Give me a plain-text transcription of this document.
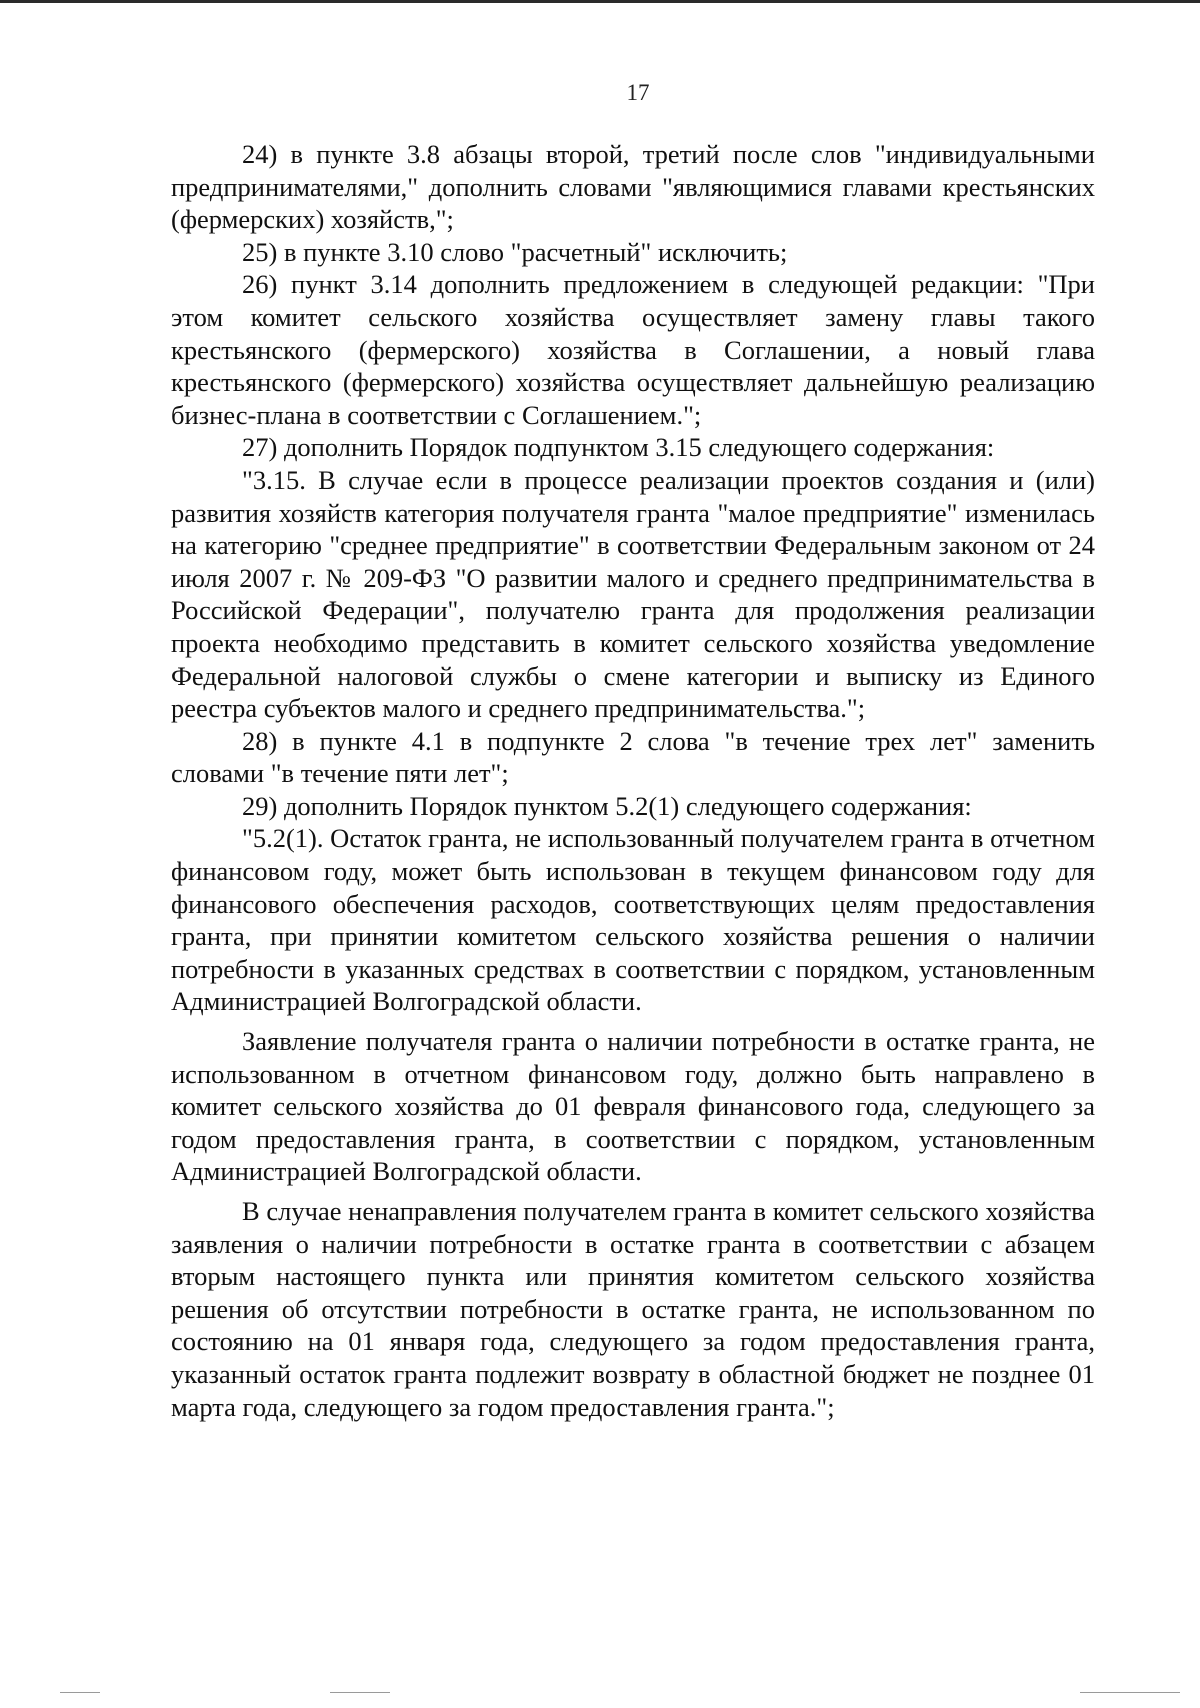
17

24) в пункте 3.8 абзацы второй, третий после слов "индивидуальными предпринимателями," дополнить словами "являющимися главами крестьянских (фермерских) хозяйств,";

25) в пункте 3.10 слово "расчетный" исключить;

26) пункт 3.14 дополнить предложением в следующей редакции: "При этом комитет сельского хозяйства осуществляет замену главы такого крестьянского (фермерского) хозяйства в Соглашении, а новый глава крестьянского (фермерского) хозяйства осуществляет дальнейшую реализацию бизнес-плана в соответствии с Соглашением.";

27) дополнить Порядок подпунктом 3.15 следующего содержания:

"3.15. В случае если в процессе реализации проектов создания и (или) развития хозяйств категория получателя гранта "малое предприятие" изменилась на категорию "среднее предприятие" в соответствии Федеральным законом от 24 июля 2007 г. № 209-ФЗ "О развитии малого и среднего предпринимательства в Российской Федерации", получателю гранта для продолжения реализации проекта необходимо представить в комитет сельского хозяйства уведомление Федеральной налоговой службы о смене категории и выписку из Единого реестра субъектов малого и среднего предпринимательства.";

28) в пункте 4.1 в подпункте 2 слова "в течение трех лет" заменить словами "в течение пяти лет";

29) дополнить Порядок пунктом 5.2(1) следующего содержания:

"5.2(1). Остаток гранта, не использованный получателем гранта в отчетном финансовом году, может быть использован в текущем финансовом году для финансового обеспечения расходов, соответствующих целям предоставления гранта, при принятии комитетом сельского хозяйства решения о наличии потребности в указанных средствах в соответствии с порядком, установленным Администрацией Волгоградской области.

Заявление получателя гранта о наличии потребности в остатке гранта, не использованном в отчетном финансовом году, должно быть направлено в комитет сельского хозяйства до 01 февраля финансового года, следующего за годом предоставления гранта, в соответствии с порядком, установленным Администрацией Волгоградской области.

В случае ненаправления получателем гранта в комитет сельского хозяйства заявления о наличии потребности в остатке гранта в соответствии с абзацем вторым настоящего пункта или принятия комитетом сельского хозяйства решения об отсутствии потребности в остатке гранта, не использованном по состоянию на 01 января года, следующего за годом предоставления гранта, указанный остаток гранта подлежит возврату в областной бюджет не позднее 01 марта года, следующего за годом предоставления гранта.";
